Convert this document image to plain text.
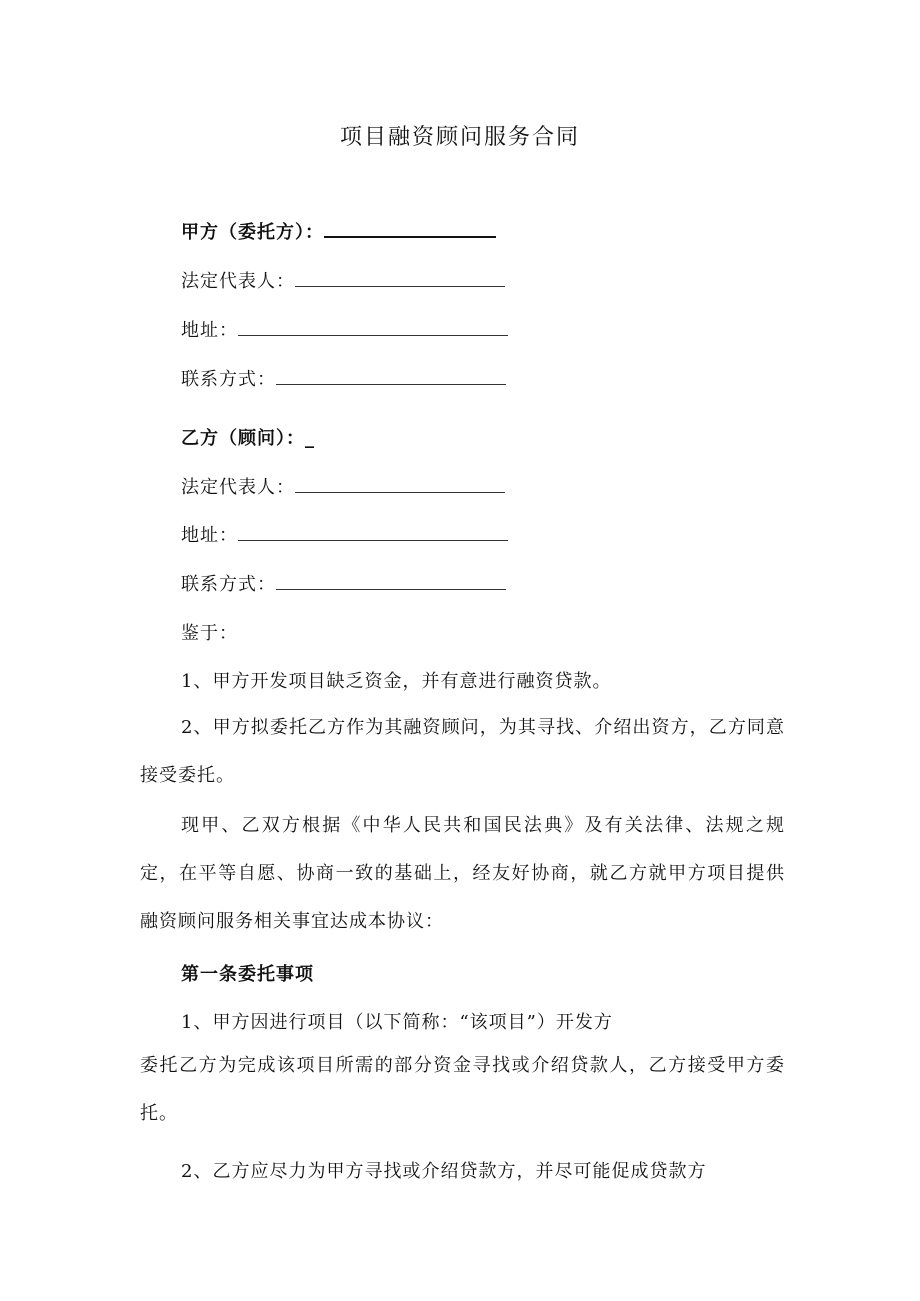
项目融资顾问服务合同
甲方（委托方）：
法定代表人：
地址：
联系方式：
乙方（顾问）：_
法定代表人：
地址：
联系方式：
鉴于：
1、甲方开发项目缺乏资金，并有意进行融资贷款。
2、甲方拟委托乙方作为其融资顾问，为其寻找、介绍出资方，乙方同意接受委托。
现甲、乙双方根据《中华人民共和国民法典》及有关法律、法规之规定，在平等自愿、协商一致的基础上，经友好协商，就乙方就甲方项目提供融资顾问服务相关事宜达成本协议：
第一条委托事项
1、甲方因进行项目（以下简称：“该项目”）开发方
委托乙方为完成该项目所需的部分资金寻找或介绍贷款人，乙方接受甲方委托。
2、乙方应尽力为甲方寻找或介绍贷款方，并尽可能促成贷款方
